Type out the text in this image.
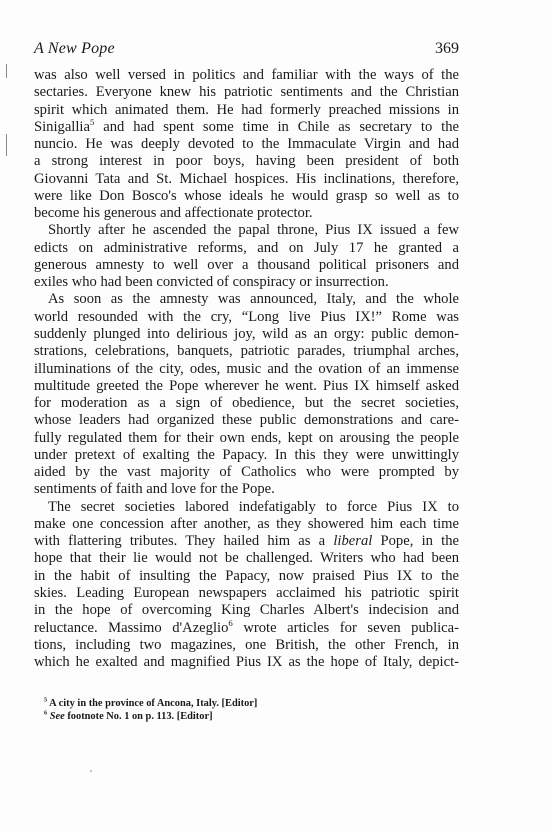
A New Pope	369
was also well versed in politics and familiar with the ways of the
sectaries. Everyone knew his patriotic sentiments and the Christian
spirit which animated them. He had formerly preached missions in
Sinigallia$^5$ and had spent some time in Chile as secretary to the
nuncio. He was deeply devoted to the Immaculate Virgin and had
a strong interest in poor boys, having been president of both
Giovanni Tata and St. Michael hospices. His inclinations, therefore,
were like Don Bosco's whose ideals he would grasp so well as to
become his generous and affectionate protector.
Shortly after he ascended the papal throne, Pius IX issued a few
edicts on administrative reforms, and on July 17 he granted a
generous amnesty to well over a thousand political prisoners and
exiles who had been convicted of conspiracy or insurrection.
As soon as the amnesty was announced, Italy, and the whole
world resounded with the cry, “Long live Pius IX!” Rome was
suddenly plunged into delirious joy, wild as an orgy: public demon-
strations, celebrations, banquets, patriotic parades, triumphal arches,
illuminations of the city, odes, music and the ovation of an immense
multitude greeted the Pope wherever he went. Pius IX himself asked
for moderation as a sign of obedience, but the secret societies,
whose leaders had organized these public demonstrations and care-
fully regulated them for their own ends, kept on arousing the people
under pretext of exalting the Papacy. In this they were unwittingly
aided by the vast majority of Catholics who were prompted by
sentiments of faith and love for the Pope.
The secret societies labored indefatigably to force Pius IX to
make one concession after another, as they showered him each time
with flattering tributes. They hailed him as a liberal Pope, in the
hope that their lie would not be challenged. Writers who had been
in the habit of insulting the Papacy, now praised Pius IX to the
skies. Leading European newspapers acclaimed his patriotic spirit
in the hope of overcoming King Charles Albert's indecision and
reluctance. Massimo d'Azeglio$^6$ wrote articles for seven publica-
tions, including two magazines, one British, the other French, in
which he exalted and magnified Pius IX as the hope of Italy, depict-
$^5$ A city in the province of Ancona, Italy. [Editor]
$^6$ See footnote No. 1 on p. 113. [Editor]
